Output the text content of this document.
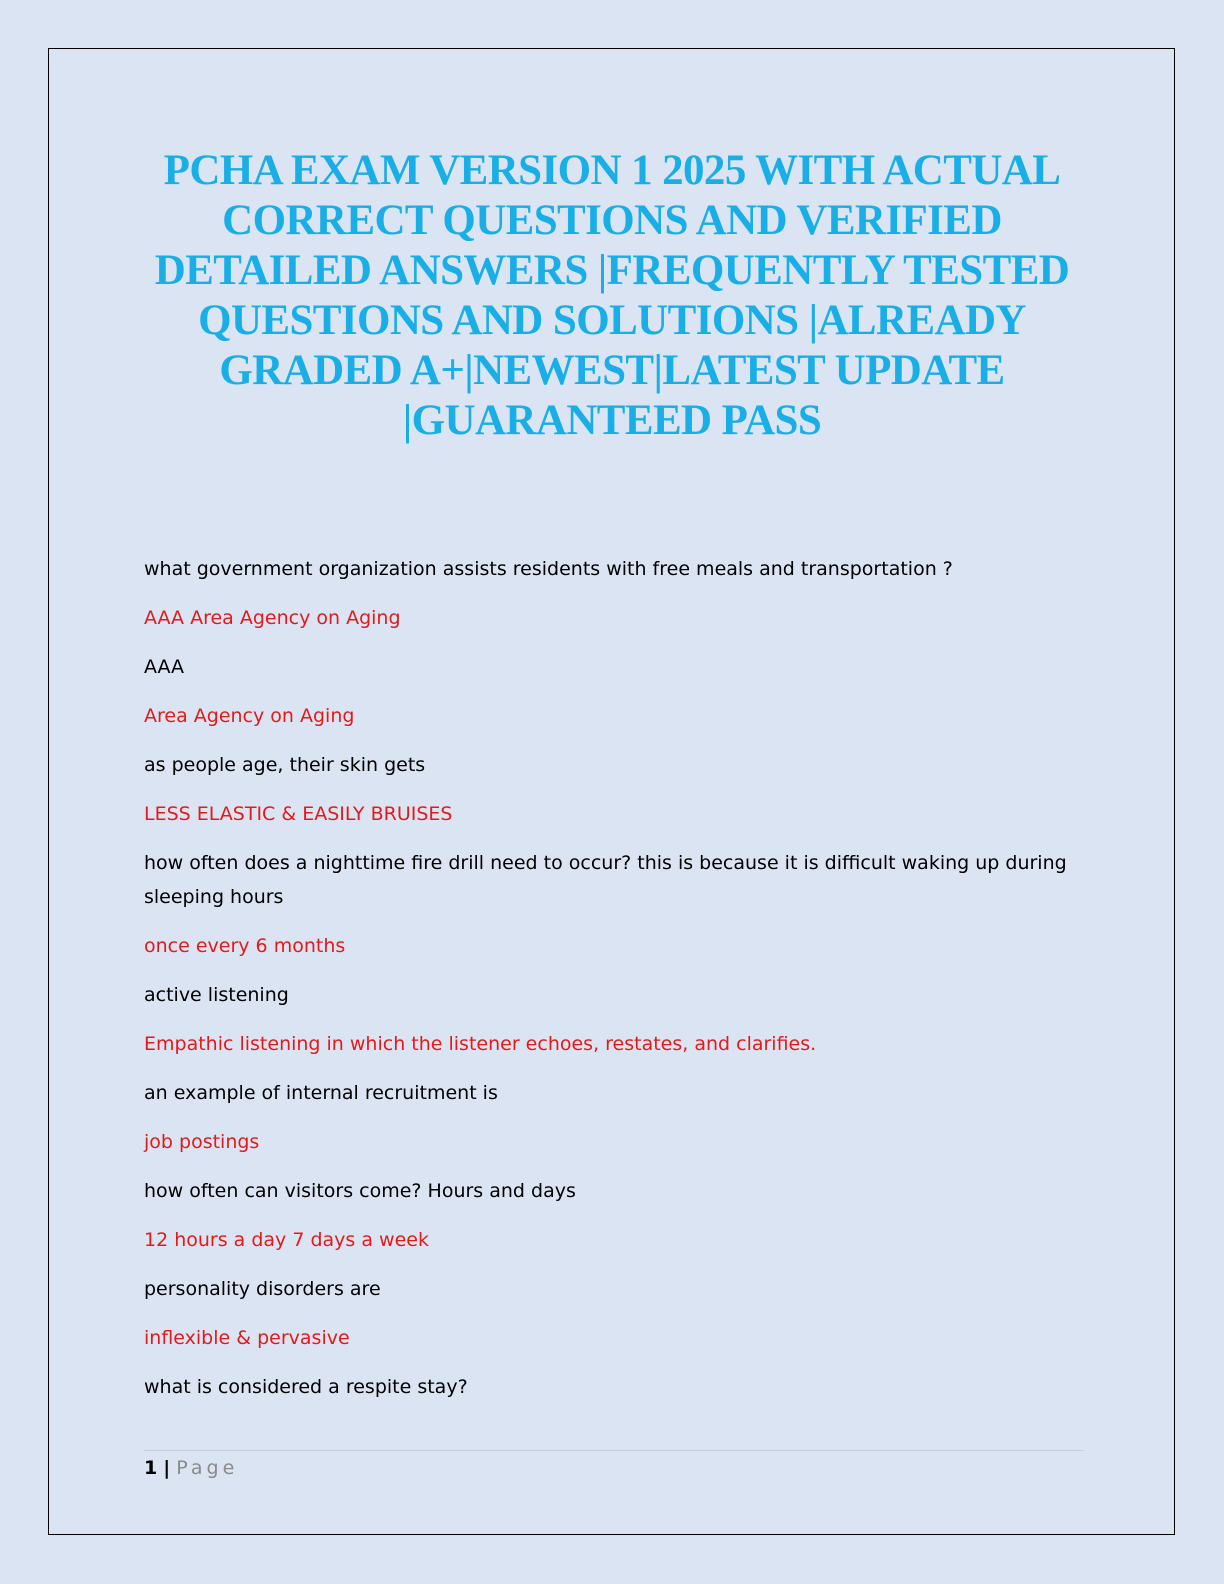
PCHA EXAM VERSION 1 2025 WITH ACTUAL CORRECT QUESTIONS AND VERIFIED DETAILED ANSWERS |FREQUENTLY TESTED QUESTIONS AND SOLUTIONS |ALREADY GRADED A+|NEWEST|LATEST UPDATE |GUARANTEED PASS

what government organization assists residents with free meals and transportation ?

AAA Area Agency on Aging

AAA

Area Agency on Aging

as people age, their skin gets

LESS ELASTIC & EASILY BRUISES

how often does a nighttime fire drill need to occur? this is because it is difficult waking up during sleeping hours

once every 6 months

active listening

Empathic listening in which the listener echoes, restates, and clarifies.

an example of internal recruitment is

job postings

how often can visitors come? Hours and days

12 hours a day 7 days a week

personality disorders are

inflexible & pervasive

what is considered a respite stay?

1 | Page
